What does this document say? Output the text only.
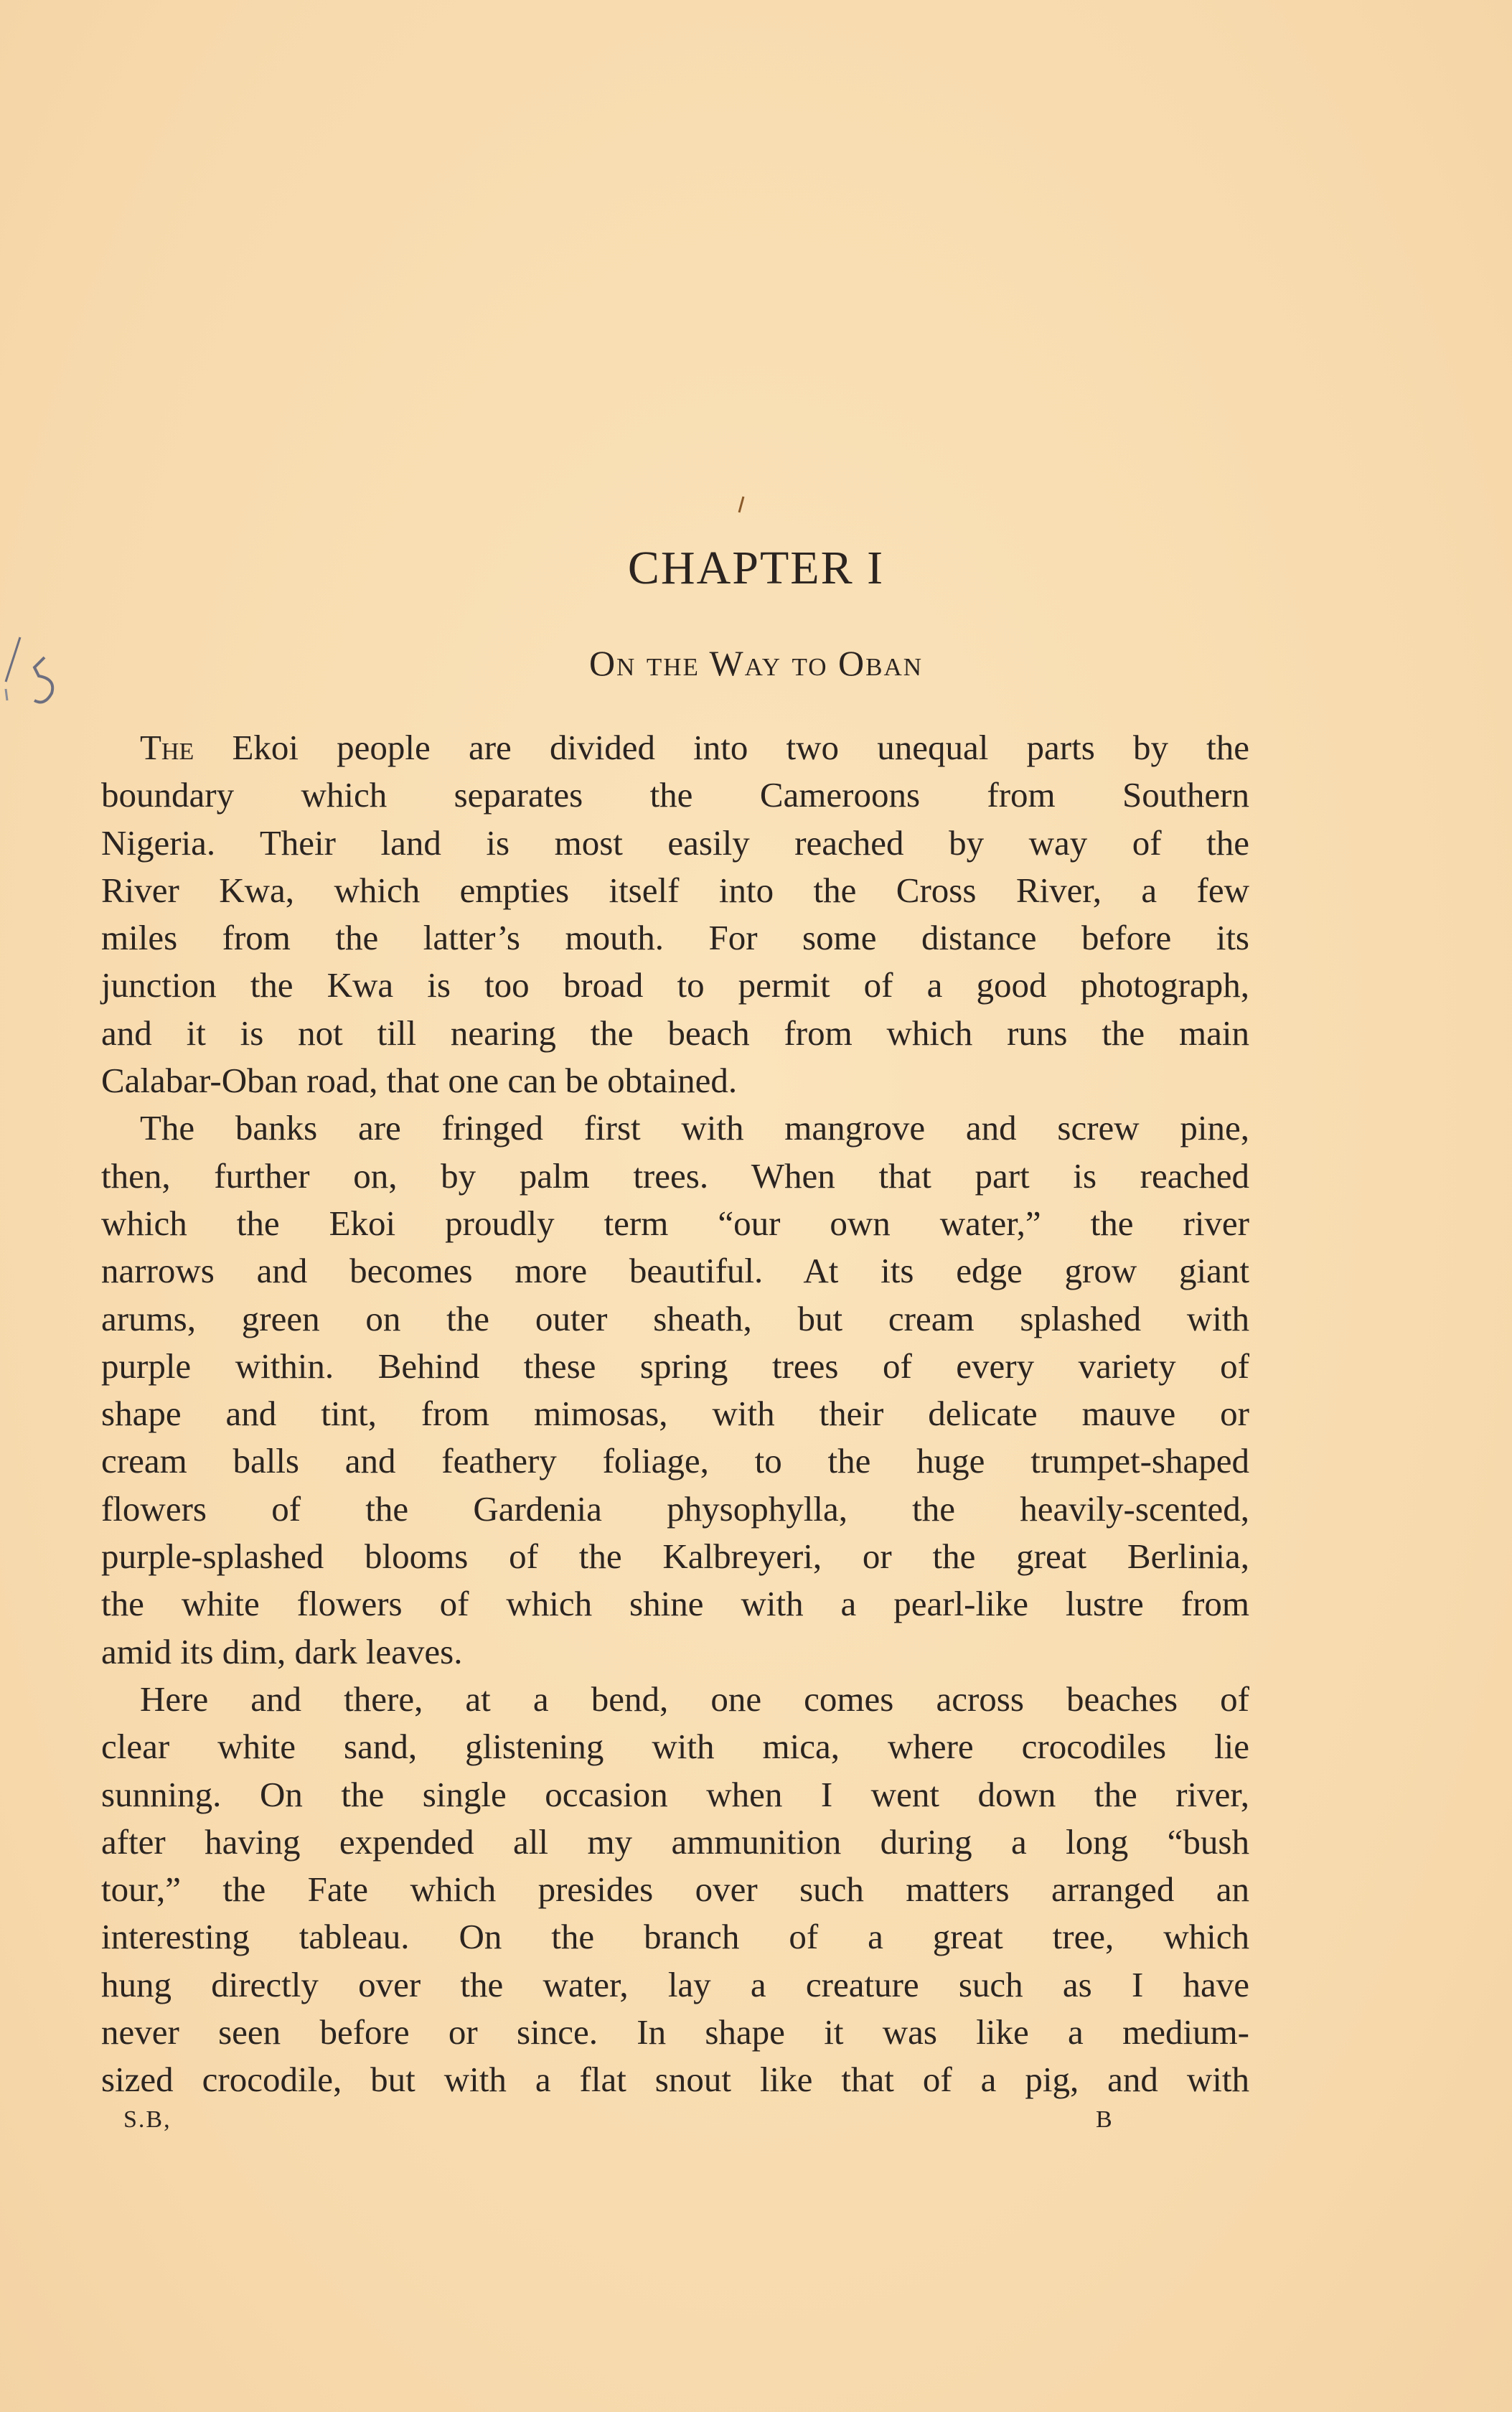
CHAPTER I
On the Way to Oban
The Ekoi people are divided into two unequal parts by the
boundary which separates the Cameroons from Southern
Nigeria. Their land is most easily reached by way of the
River Kwa, which empties itself into the Cross River, a few
miles from the latter’s mouth. For some distance before its
junction the Kwa is too broad to permit of a good photograph,
and it is not till nearing the beach from which runs the main
Calabar-Oban road, that one can be obtained.
The banks are fringed first with mangrove and screw pine,
then, further on, by palm trees. When that part is reached
which the Ekoi proudly term “our own water,” the river
narrows and becomes more beautiful. At its edge grow giant
arums, green on the outer sheath, but cream splashed with
purple within. Behind these spring trees of every variety of
shape and tint, from mimosas, with their delicate mauve or
cream balls and feathery foliage, to the huge trumpet-shaped
flowers of the Gardenia physophylla, the heavily-scented,
purple-splashed blooms of the Kalbreyeri, or the great Berlinia,
the white flowers of which shine with a pearl-like lustre from
amid its dim, dark leaves.
Here and there, at a bend, one comes across beaches of
clear white sand, glistening with mica, where crocodiles lie
sunning. On the single occasion when I went down the river,
after having expended all my ammunition during a long “bush
tour,” the Fate which presides over such matters arranged an
interesting tableau. On the branch of a great tree, which
hung directly over the water, lay a creature such as I have
never seen before or since. In shape it was like a medium-
sized crocodile, but with a flat snout like that of a pig, and with
S.B,	B
